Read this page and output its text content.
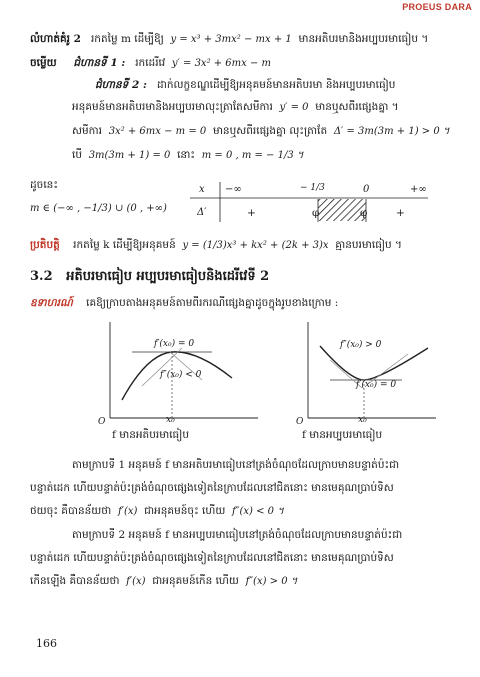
PROEUS DARA
លំហាត់គំរូ 2 រកតម្លៃ m ដើម្បីឱ្យ y = x³ + 3mx² − mx + 1 មានអតិបរមានិងអប្បបរមាធៀប ។
ចម្លើយ ជំហានទី 1 : រកដេរីវេ y′ = 3x² + 6mx − m
ជំហានទី 2 : ដាក់លក្ខខណ្ឌដើម្បីឱ្យអនុគមន៍មានអតិបរមា និងអប្បបរមាធៀប
អនុគមន៍មានអតិបរមានិងអប្បបរមាលុះត្រាតែសមីការ y′ = 0 មានឬសពីរផ្សេងគ្នា ។
សមីការ 3x² + 6mx − m = 0 មានឬសពីរផ្សេងគ្នា លុះត្រាតែ Δ′ = 3m(3m + 1) > 0 ។
បើ 3m(3m + 1) = 0 នោះ m = 0 , m = − 1/3 ។
ដូចនេះ
m ∈ (−∞ , −1/3) ∪ (0 , +∞)
x −∞	− 1/3	0	+∞
Δ′	+	φ	φ	+
ប្រតិបត្តិ រកតម្លៃ k ដើម្បីឱ្យអនុគមន៍ y = (1/3)x³ + kx² + (2k + 3)x គ្មានបរមាធៀប ។
3.2 អតិបរមាធៀប អប្បបរមាធៀបនិងដេរីវេទី 2
ឧទាហរណ៍ គេឱ្យក្រាបតាងអនុគមន៍តាមពីរករណីផ្សេងគ្នាដូចក្នុងរូបខាងក្រោម :
f′(x₀) = 0
f″(x₀) < 0
O	x₀
f មានអតិបរមាធៀប
f″(x₀) > 0
f′(x₀) = 0
O	x₀
f មានអប្បបរមាធៀប
តាមក្រាបទី 1 អនុគមន៍ f មានអតិបរមាធៀបនៅត្រង់ចំណុចដែលក្រាបមានបន្ទាត់ប៉ះជា
បន្ទាត់ដេក ហើយបន្ទាត់ប៉ះត្រង់ចំណុចផ្សេងទៀតនៃក្រាបដែលនៅជិតនោះ មានមេគុណប្រាប់ទិស
ថយចុះ គឺបានន័យថា f′(x) ជាអនុគមន៍ចុះ ហើយ f″(x) < 0 ។
តាមក្រាបទី 2 អនុគមន៍ f មានអប្បបរមាធៀបនៅត្រង់ចំណុចដែលក្រាបមានបន្ទាត់ប៉ះជា
បន្ទាត់ដេក ហើយបន្ទាត់ប៉ះត្រង់ចំណុចផ្សេងទៀតនៃក្រាបដែលនៅជិតនោះ មានមេគុណប្រាប់ទិស
កើនឡើង គឺបានន័យថា f′(x) ជាអនុគមន៍កើន ហើយ f″(x) > 0 ។
166
